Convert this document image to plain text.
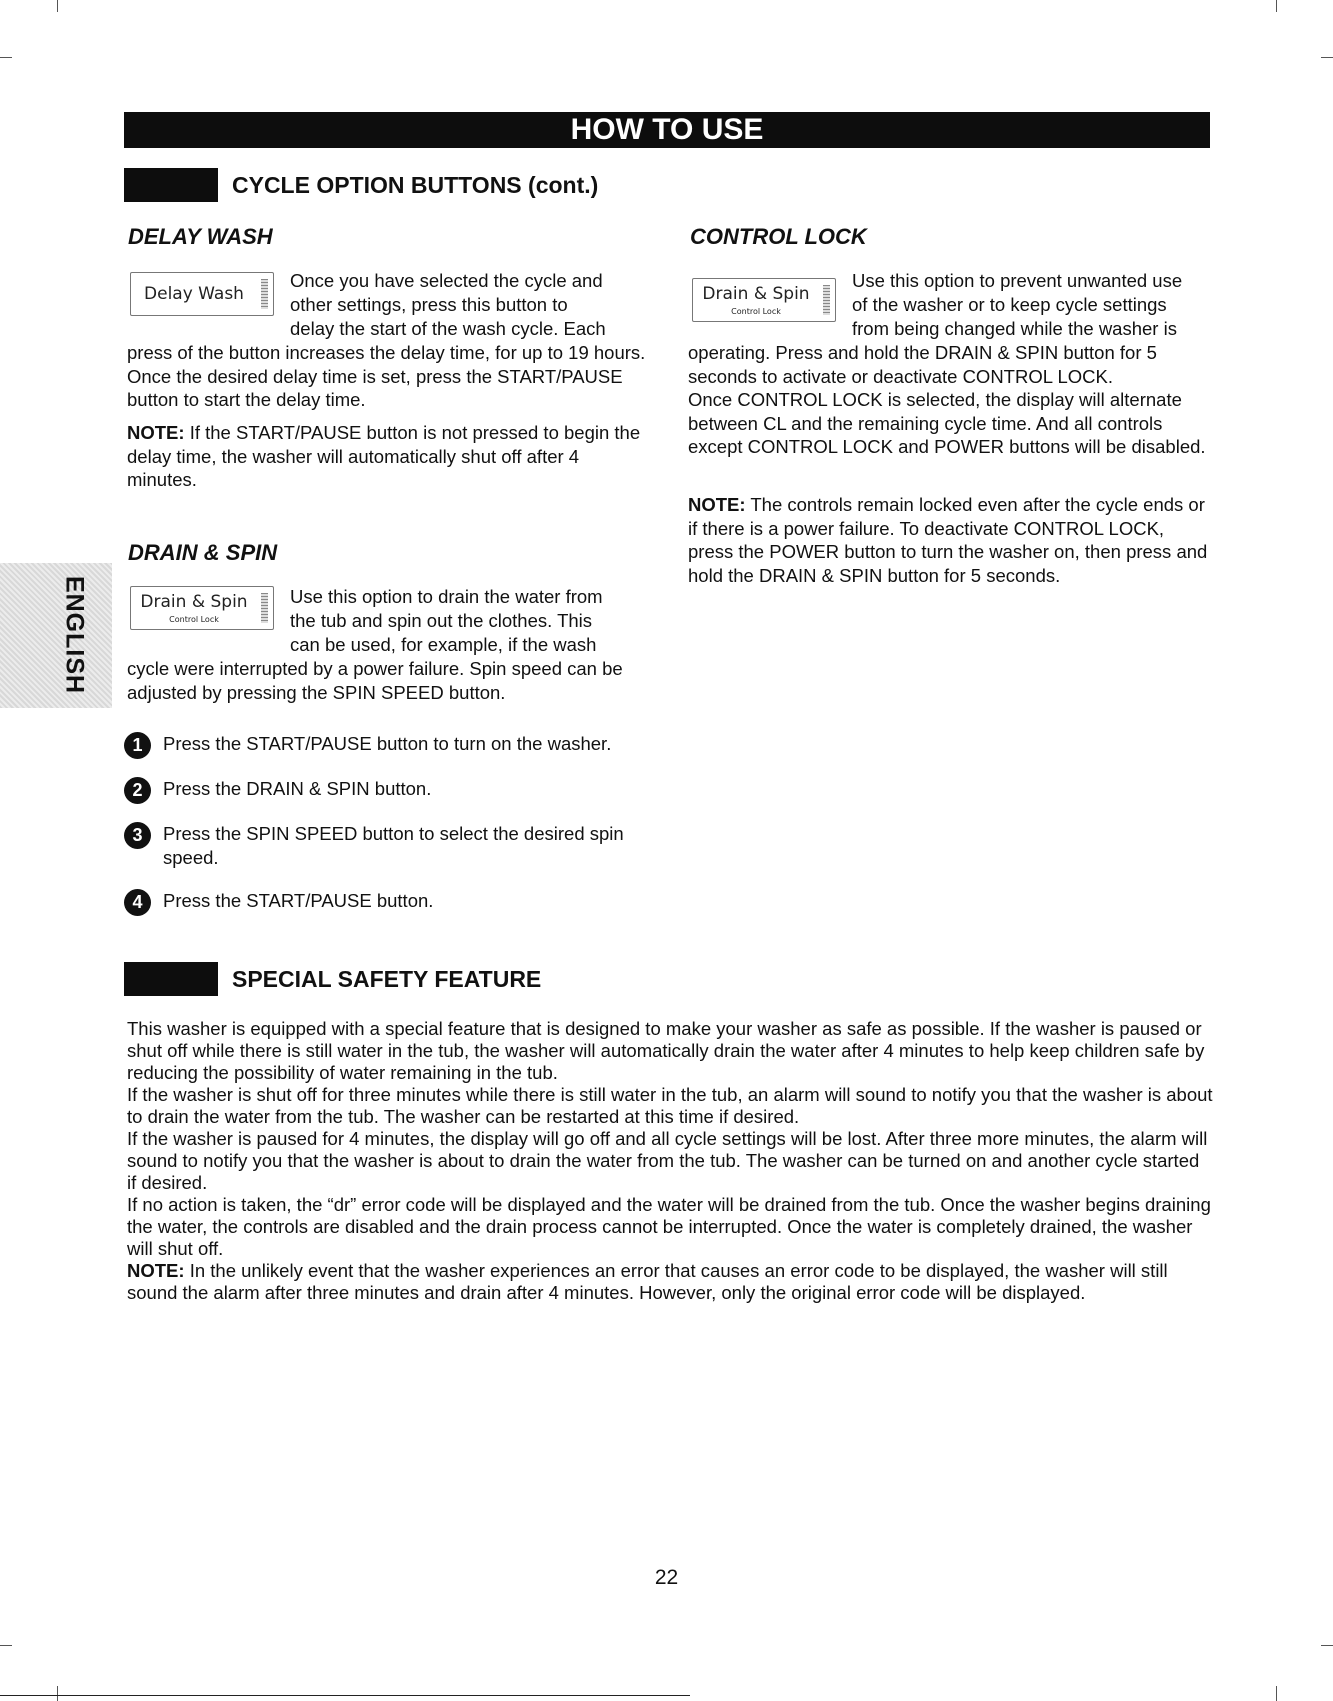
HOW TO USE
CYCLE OPTION BUTTONS (cont.)
DELAY WASH
Delay Wash
Once you have selected the cycle and
other settings, press this button to
delay the start of the wash cycle. Each

press of the button increases the delay time, for up to 19 hours. Once the desired delay time is set, press the START/PAUSE button to start the delay time.

NOTE: If the START/PAUSE button is not pressed to begin the delay time, the washer will automatically shut off after 4 minutes.

DRAIN & SPIN
Drain & Spin
Control Lock
Use this option to drain the water from
the tub and spin out the clothes. This
can be used, for example, if the wash

cycle were interrupted by a power failure. Spin speed can be adjusted by pressing the SPIN SPEED button.

1	Press the START/PAUSE button to turn on the washer.
2	Press the DRAIN & SPIN button.
3	Press the SPIN SPEED button to select the desired spin speed.
4	Press the START/PAUSE button.
CONTROL LOCK
Drain & Spin
Control Lock
Use this option to prevent unwanted use
of the washer or to keep cycle settings
from being changed while the washer is

operating. Press and hold the DRAIN & SPIN button for 5 seconds to activate or deactivate CONTROL LOCK.

Once CONTROL LOCK is selected, the display will alternate between CL and the remaining cycle time. And all controls except CONTROL LOCK and POWER buttons will be disabled.

NOTE: The controls remain locked even after the cycle ends or if there is a power failure. To deactivate CONTROL LOCK, press the POWER button to turn the washer on, then press and hold the DRAIN & SPIN button for 5 seconds.

SPECIAL SAFETY FEATURE

This washer is equipped with a special feature that is designed to make your washer as safe as possible. If the washer is paused or shut off while there is still water in the tub, the washer will automatically drain the water after 4 minutes to help keep children safe by reducing the possibility of water remaining in the tub.

If the washer is shut off for three minutes while there is still water in the tub, an alarm will sound to notify you that the washer is about to drain the water from the tub. The washer can be restarted at this time if desired.

If the washer is paused for 4 minutes, the display will go off and all cycle settings will be lost. After three more minutes, the alarm will sound to notify you that the washer is about to drain the water from the tub. The washer can be turned on and another cycle started if desired.

If no action is taken, the “dr” error code will be displayed and the water will be drained from the tub. Once the washer begins draining the water, the controls are disabled and the drain process cannot be interrupted. Once the water is completely drained, the washer will shut off.

NOTE: In the unlikely event that the washer experiences an error that causes an error code to be displayed, the washer will still sound the alarm after three minutes and drain after 4 minutes. However, only the original error code will be displayed.

ENGLISH
22
